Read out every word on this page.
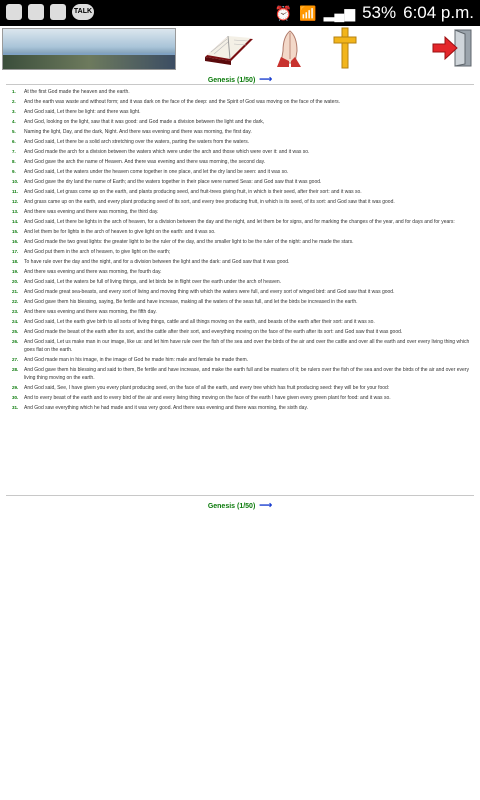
TALK	⏰ 📶 ▂▄▆ 53% 6:04 p.m.
Genesis (1/50) ⟶
1.	At the first God made the heaven and the earth.
2.	And the earth was waste and without form; and it was dark on the face of the deep: and the Spirit of God was moving on the face of the waters.
3.	And God said, Let there be light: and there was light.
4.	And God, looking on the light, saw that it was good: and God made a division between the light and the dark,
5.	Naming the light, Day, and the dark, Night. And there was evening and there was morning, the first day.
6.	And God said, Let there be a solid arch stretching over the waters, parting the waters from the waters.
7.	And God made the arch for a division between the waters which were under the arch and those which were over it: and it was so.
8.	And God gave the arch the name of Heaven. And there was evening and there was morning, the second day.
9.	And God said, Let the waters under the heaven come together in one place, and let the dry land be seen: and it was so.
10.	And God gave the dry land the name of Earth; and the waters together in their place were named Seas: and God saw that it was good.
11.	And God said, Let grass come up on the earth, and plants producing seed, and fruit-trees giving fruit, in which is their seed, after their sort: and it was so.
12.	And grass came up on the earth, and every plant producing seed of its sort, and every tree producing fruit, in which is its seed, of its sort: and God saw that it was good.
13.	And there was evening and there was morning, the third day.
14.	And God said, Let there be lights in the arch of heaven, for a division between the day and the night, and let them be for signs, and for marking the changes of the year, and for days and for years:
15.	And let them be for lights in the arch of heaven to give light on the earth: and it was so.
16.	And God made the two great lights: the greater light to be the ruler of the day, and the smaller light to be the ruler of the night: and he made the stars.
17.	And God put them in the arch of heaven, to give light on the earth;
18.	To have rule over the day and the night, and for a division between the light and the dark: and God saw that it was good.
19.	And there was evening and there was morning, the fourth day.
20.	And God said, Let the waters be full of living things, and let birds be in flight over the earth under the arch of heaven.
21.	And God made great sea-beasts, and every sort of living and moving thing with which the waters were full, and every sort of winged bird: and God saw that it was good.
22.	And God gave them his blessing, saying, Be fertile and have increase, making all the waters of the seas full, and let the birds be increased in the earth.
23.	And there was evening and there was morning, the fifth day.
24.	And God said, Let the earth give birth to all sorts of living things, cattle and all things moving on the earth, and beasts of the earth after their sort: and it was so.
25.	And God made the beast of the earth after its sort, and the cattle after their sort, and everything moving on the face of the earth after its sort: and God saw that it was good.
26.	And God said, Let us make man in our image, like us: and let him have rule over the fish of the sea and over the birds of the air and over the cattle and over all the earth and over every living thing which goes flat on the earth.
27.	And God made man in his image, in the image of God he made him: male and female he made them.
28.	And God gave them his blessing and said to them, Be fertile and have increase, and make the earth full and be masters of it; be rulers over the fish of the sea and over the birds of the air and over every living thing moving on the earth.
29.	And God said, See, I have given you every plant producing seed, on the face of all the earth, and every tree which has fruit producing seed: they will be for your food:
30.	And to every beast of the earth and to every bird of the air and every living thing moving on the face of the earth I have given every green plant for food: and it was so.
31.	And God saw everything which he had made and it was very good. And there was evening and there was morning, the sixth day.
Genesis (1/50) ⟶
